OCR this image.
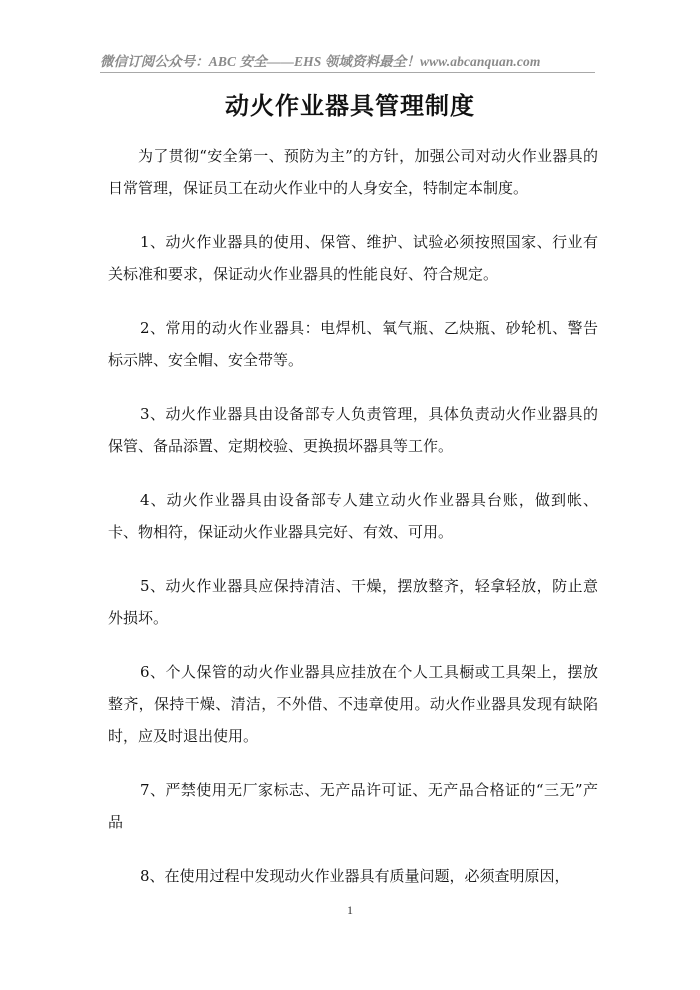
微信订阅公众号：ABC 安全——EHS 领域资料最全！www.abcanquan.com
动火作业器具管理制度

为了贯彻“安全第一、预防为主”的方针，加强公司对动火作业器具的日常管理，保证员工在动火作业中的人身安全，特制定本制度。

1、动火作业器具的使用、保管、维护、试验必须按照国家、行业有关标准和要求，保证动火作业器具的性能良好、符合规定。

2、常用的动火作业器具：电焊机、氧气瓶、乙炔瓶、砂轮机、警告标示牌、安全帽、安全带等。

3、动火作业器具由设备部专人负责管理，具体负责动火作业器具的保管、备品添置、定期校验、更换损坏器具等工作。

4、动火作业器具由设备部专人建立动火作业器具台账，做到帐、卡、物相符，保证动火作业器具完好、有效、可用。

5、动火作业器具应保持清洁、干燥，摆放整齐，轻拿轻放，防止意外损坏。

6、个人保管的动火作业器具应挂放在个人工具橱或工具架上，摆放整齐，保持干燥、清洁，不外借、不违章使用。动火作业器具发现有缺陷时，应及时退出使用。

7、严禁使用无厂家标志、无产品许可证、无产品合格证的“三无”产品

8、在使用过程中发现动火作业器具有质量问题，必须查明原因，

1
